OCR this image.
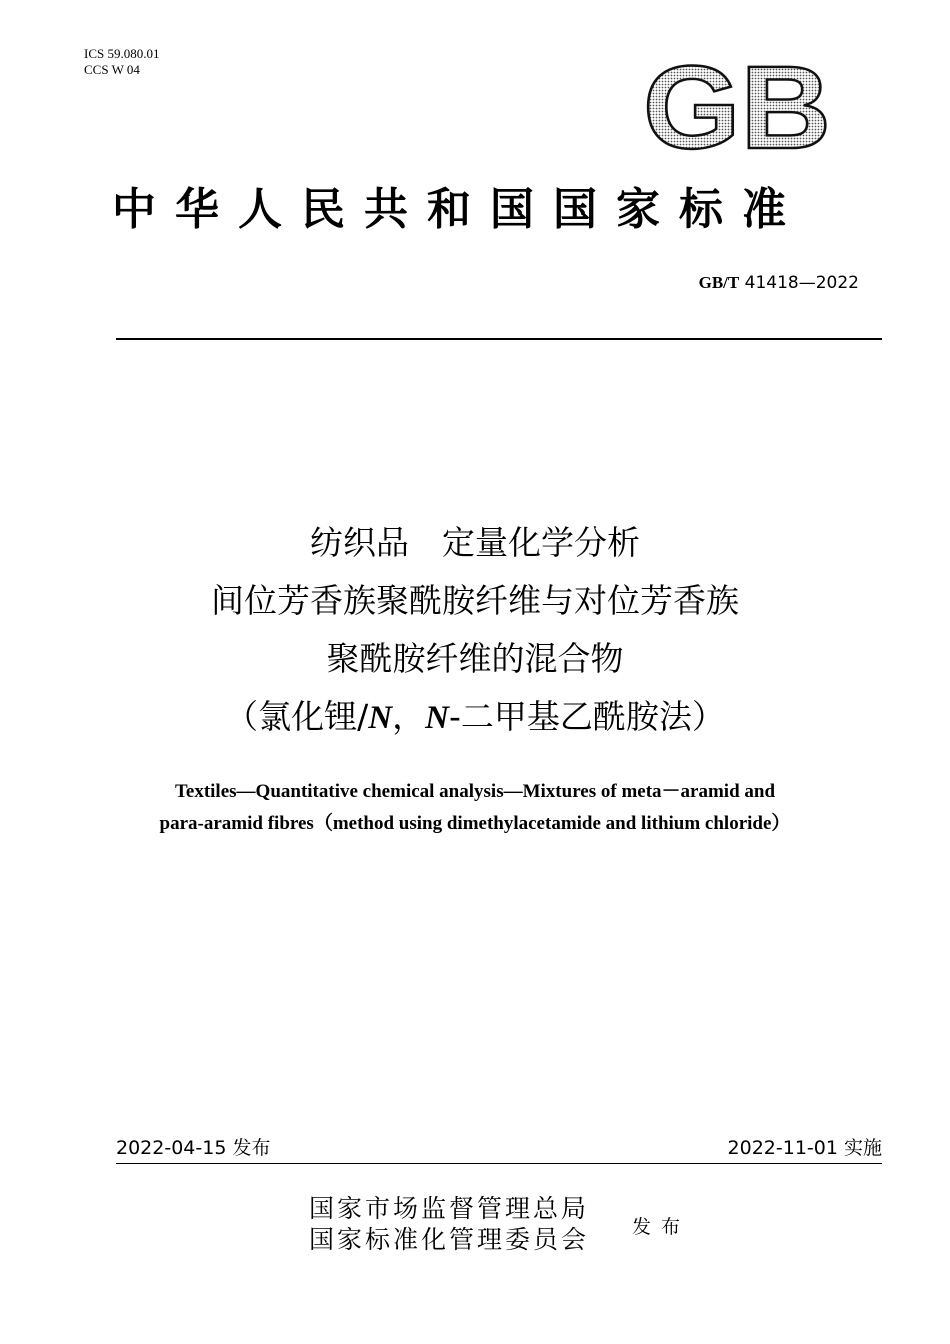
ICS 59.080.01
CCS W 04	GB
中华人民共和国国家标准
GB/T 41418—2022
纺织品　定量化学分析
间位芳香族聚酰胺纤维与对位芳香族
聚酰胺纤维的混合物
（氯化锂/N，N-二甲基乙酰胺法）
Textiles—Quantitative chemical analysis—Mixtures of meta－aramid and
para-aramid fibres（method using dimethylacetamide and lithium chloride）
2022-04-15 发布	2022-11-01 实施
国家市场监督管理总局
国家标准化管理委员会 发布
